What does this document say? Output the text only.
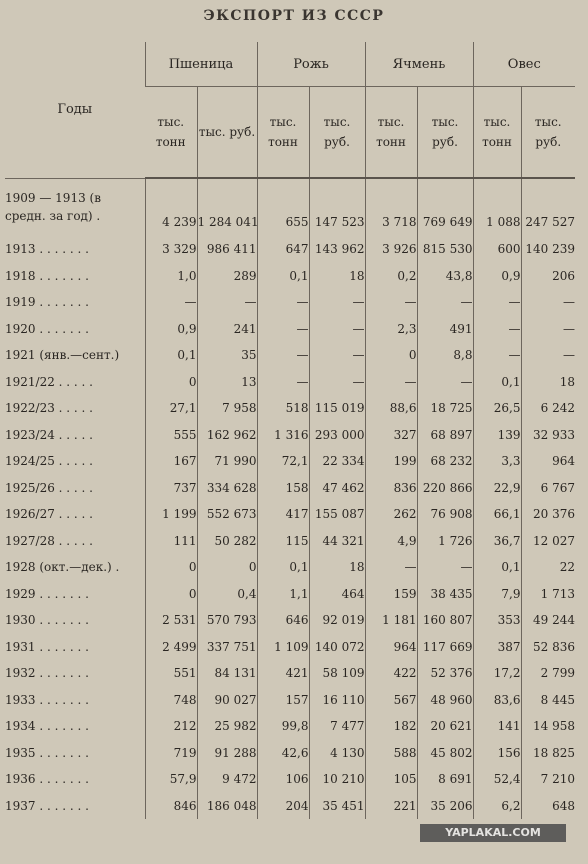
ЭКСПОРТ ИЗ СССР
Годы	Пшеница		Рожь		Ячмень		Овес	
	тыс. тонн	тыс. руб.	тыс. тонн	тыс. руб.	тыс. тонн	тыс. руб.	тыс. тонн	тыс. руб.
1909 — 1913 (в средн. за год) .	4 239	1 284 041	655	147 523	3 718	769 649	1 088	247 527
1913 . . . . . . .	3 329	986 411	647	143 962	3 926	815 530	600	140 239
1918 . . . . . . .	1,0	289	0,1	18	0,2	43,8	0,9	206
1919 . . . . . . .	—	—	—	—	—	—	—	—
1920 . . . . . . .	0,9	241	—	—	2,3	491	—	—
1921 (янв.—сент.)	0,1	35	—	—	0	8,8	—	—
1921/22 . . . . .	0	13	—	—	—	—	0,1	18
1922/23 . . . . .	27,1	7 958	518	115 019	88,6	18 725	26,5	6 242
1923/24 . . . . .	555	162 962	1 316	293 000	327	68 897	139	32 933
1924/25 . . . . .	167	71 990	72,1	22 334	199	68 232	3,3	964
1925/26 . . . . .	737	334 628	158	47 462	836	220 866	22,9	6 767
1926/27 . . . . .	1 199	552 673	417	155 087	262	76 908	66,1	20 376
1927/28 . . . . .	111	50 282	115	44 321	4,9	1 726	36,7	12 027
1928 (окт.—дек.) .	0	0	0,1	18	—	—	0,1	22
1929 . . . . . . .	0	0,4	1,1	464	159	38 435	7,9	1 713
1930 . . . . . . .	2 531	570 793	646	92 019	1 181	160 807	353	49 244
1931 . . . . . . .	2 499	337 751	1 109	140 072	964	117 669	387	52 836
1932 . . . . . . .	551	84 131	421	58 109	422	52 376	17,2	2 799
1933 . . . . . . .	748	90 027	157	16 110	567	48 960	83,6	8 445
1934 . . . . . . .	212	25 982	99,8	7 477	182	20 621	141	14 958
1935 . . . . . . .	719	91 288	42,6	4 130	588	45 802	156	18 825
1936 . . . . . . .	57,9	9 472	106	10 210	105	8 691	52,4	7 210
1937 . . . . . . .	846	186 048	204	35 451	221	35 206	6,2	648
YAPLAKAL.COM
